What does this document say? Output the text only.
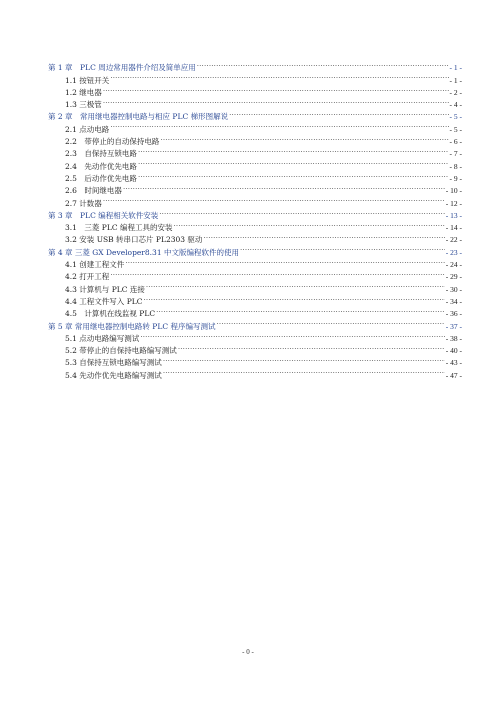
第 1 章　PLC 周边常用器件介绍及简单应用 .....	- 1 -
1.1 按钮开关 .....	- 1 -
1.2 继电器 .....	- 2 -
1.3 三极管 .....	- 4 -
第 2 章　常用继电器控制电路与相应 PLC 梯形图解说 .....	- 5 -
2.1 点动电路 .....	- 5 -
2.2　带停止的自动保持电路 .....	- 6 -
2.3　自保持互锁电路 .....	- 7 -
2.4　先动作优先电路 .....	- 8 -
2.5　后动作优先电路 .....	- 9 -
2.6　时间继电器 .....	- 10 -
2.7 计数器 .....	- 12 -
第 3 章　PLC 编程相关软件安装 .....	- 13 -
3.1　三菱 PLC 编程工具的安装 .....	- 14 -
3.2 安装 USB 转串口芯片 PL2303 驱动 .....	- 22 -
第 4 章 三菱 GX Developer8.31 中文版编程软件的使用 .....	- 23 -
4.1 创建工程文件 .....	- 24 -
4.2 打开工程 .....	- 29 -
4.3 计算机与 PLC 连接 .....	- 30 -
4.4 工程文件写入 PLC .....	- 34 -
4.5　计算机在线监视 PLC .....	- 36 -
第 5 章 常用继电器控制电路转 PLC 程序编写测试 .....	- 37 -
5.1 点动电路编写测试 .....	- 38 -
5.2 带停止的自保持电路编写测试 .....	- 40 -
5.3 自保持互锁电路编写测试 .....	- 43 -
5.4 先动作优先电路编写测试 .....	- 47 -
- 0 -
